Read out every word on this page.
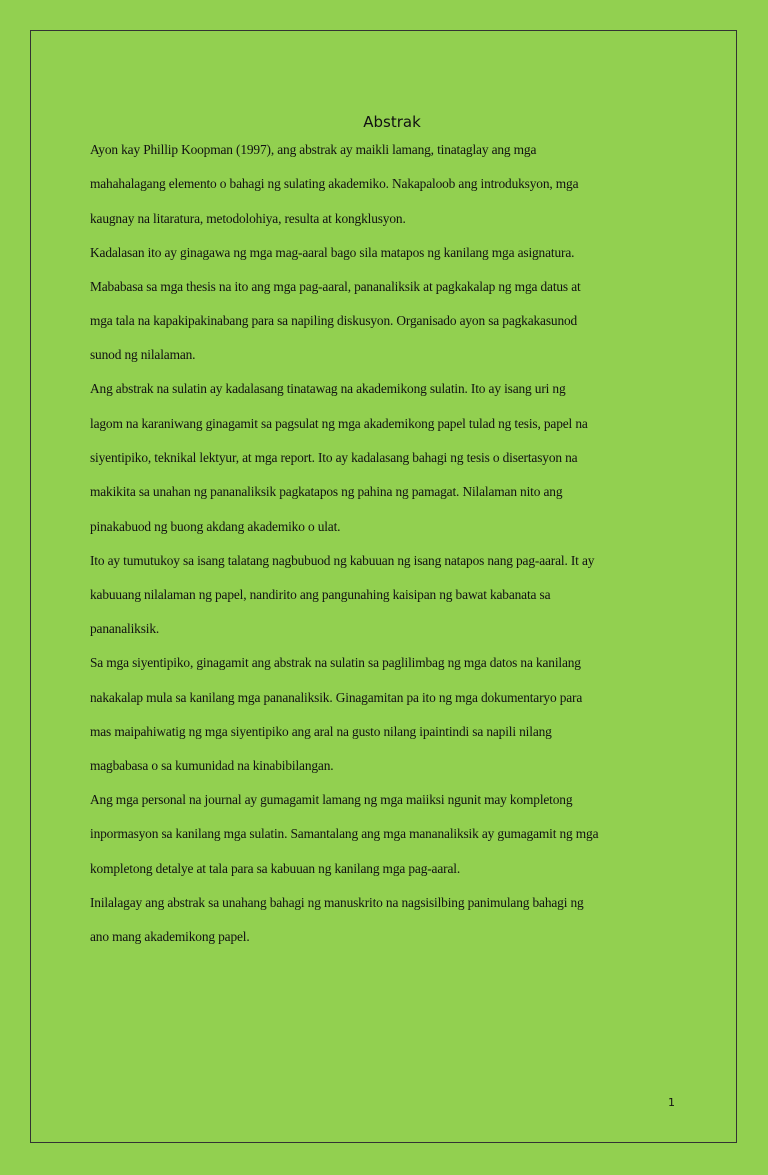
Abstrak

Ayon kay Phillip Koopman (1997), ang abstrak ay maikli lamang, tinataglay ang mga
mahahalagang elemento o bahagi ng sulating akademiko. Nakapaloob ang introduksyon, mga
kaugnay na litaratura, metodolohiya, resulta at kongklusyon.

Kadalasan ito ay ginagawa ng mga mag-aaral bago sila matapos ng kanilang mga asignatura.
Mababasa sa mga thesis na ito ang mga pag-aaral, pananaliksik at pagkakalap ng mga datus at
mga tala na kapakipakinabang para sa napiling diskusyon. Organisado ayon sa pagkakasunod
sunod ng nilalaman.

Ang abstrak na sulatin ay kadalasang tinatawag na akademikong sulatin. Ito ay isang uri ng
lagom na karaniwang ginagamit sa pagsulat ng mga akademikong papel tulad ng tesis, papel na
siyentipiko, teknikal lektyur, at mga report. Ito ay kadalasang bahagi ng tesis o disertasyon na
makikita sa unahan ng pananaliksik pagkatapos ng pahina ng pamagat. Nilalaman nito ang
pinakabuod ng buong akdang akademiko o ulat.

Ito ay tumutukoy sa isang talatang nagbubuod ng kabuuan ng isang natapos nang pag-aaral. It ay
kabuuang nilalaman ng papel, nandirito ang pangunahing kaisipan ng bawat kabanata sa
pananaliksik.

Sa mga siyentipiko, ginagamit ang abstrak na sulatin sa paglilimbag ng mga datos na kanilang
nakakalap mula sa kanilang mga pananaliksik. Ginagamitan pa ito ng mga dokumentaryo para
mas maipahiwatig ng mga siyentipiko ang aral na gusto nilang ipaintindi sa napili nilang
magbabasa o sa kumunidad na kinabibilangan.

Ang mga personal na journal ay gumagamit lamang ng mga maiiksi ngunit may kompletong
inpormasyon sa kanilang mga sulatin. Samantalang ang mga mananaliksik ay gumagamit ng mga
kompletong detalye at tala para sa kabuuan ng kanilang mga pag-aaral.

Inilalagay ang abstrak sa unahang bahagi ng manuskrito na nagsisilbing panimulang bahagi ng
ano mang akademikong papel.

1
